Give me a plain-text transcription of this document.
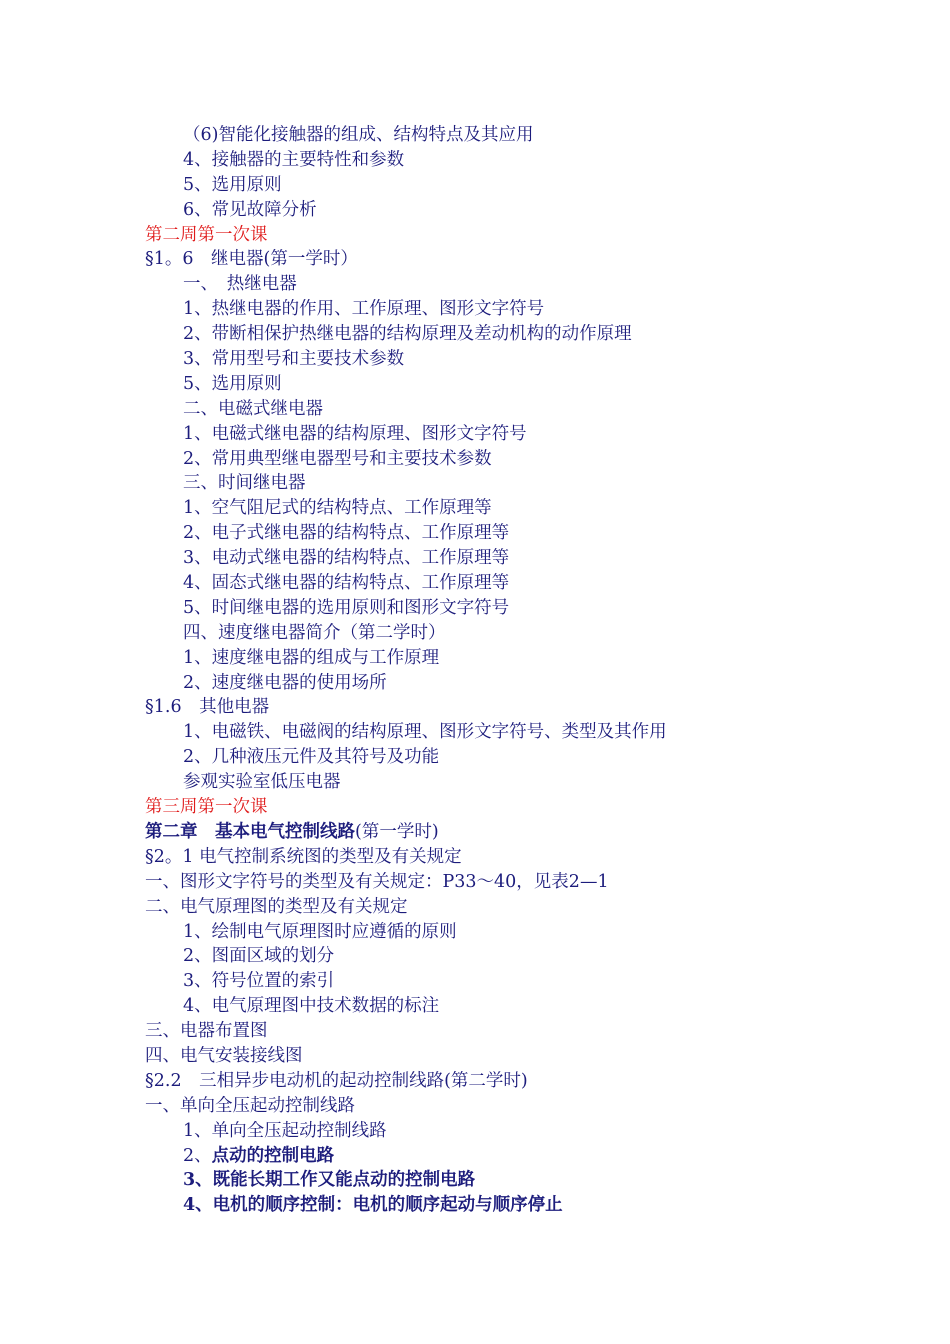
（6)智能化接触器的组成、结构特点及其应用
4、接触器的主要特性和参数
5、选用原则
6、常见故障分析
第二周第一次课
§1。6　继电器(第一学时）
一、　热继电器
1、热继电器的作用、工作原理、图形文字符号
2、带断相保护热继电器的结构原理及差动机构的动作原理
3、常用型号和主要技术参数
5、选用原则
二、电磁式继电器
1、电磁式继电器的结构原理、图形文字符号
2、常用典型继电器型号和主要技术参数
三、时间继电器
1、空气阻尼式的结构特点、工作原理等
2、电子式继电器的结构特点、工作原理等
3、电动式继电器的结构特点、工作原理等
4、固态式继电器的结构特点、工作原理等
5、时间继电器的选用原则和图形文字符号
四、速度继电器简介（第二学时）
1、速度继电器的组成与工作原理
2、速度继电器的使用场所
§1.6　其他电器
1、电磁铁、电磁阀的结构原理、图形文字符号、类型及其作用
2、几种液压元件及其符号及功能
参观实验室低压电器
第三周第一次课
第二章　基本电气控制线路(第一学时)
§2。1 电气控制系统图的类型及有关规定
一、图形文字符号的类型及有关规定：P33～40，见表2—1
二、电气原理图的类型及有关规定
1、绘制电气原理图时应遵循的原则
2、图面区域的划分
3、符号位置的索引
4、电气原理图中技术数据的标注
三、电器布置图
四、电气安装接线图
§2.2　三相异步电动机的起动控制线路(第二学时)
一、单向全压起动控制线路
1、单向全压起动控制线路
2、点动的控制电路
3、既能长期工作又能点动的控制电路
4、电机的顺序控制：电机的顺序起动与顺序停止
